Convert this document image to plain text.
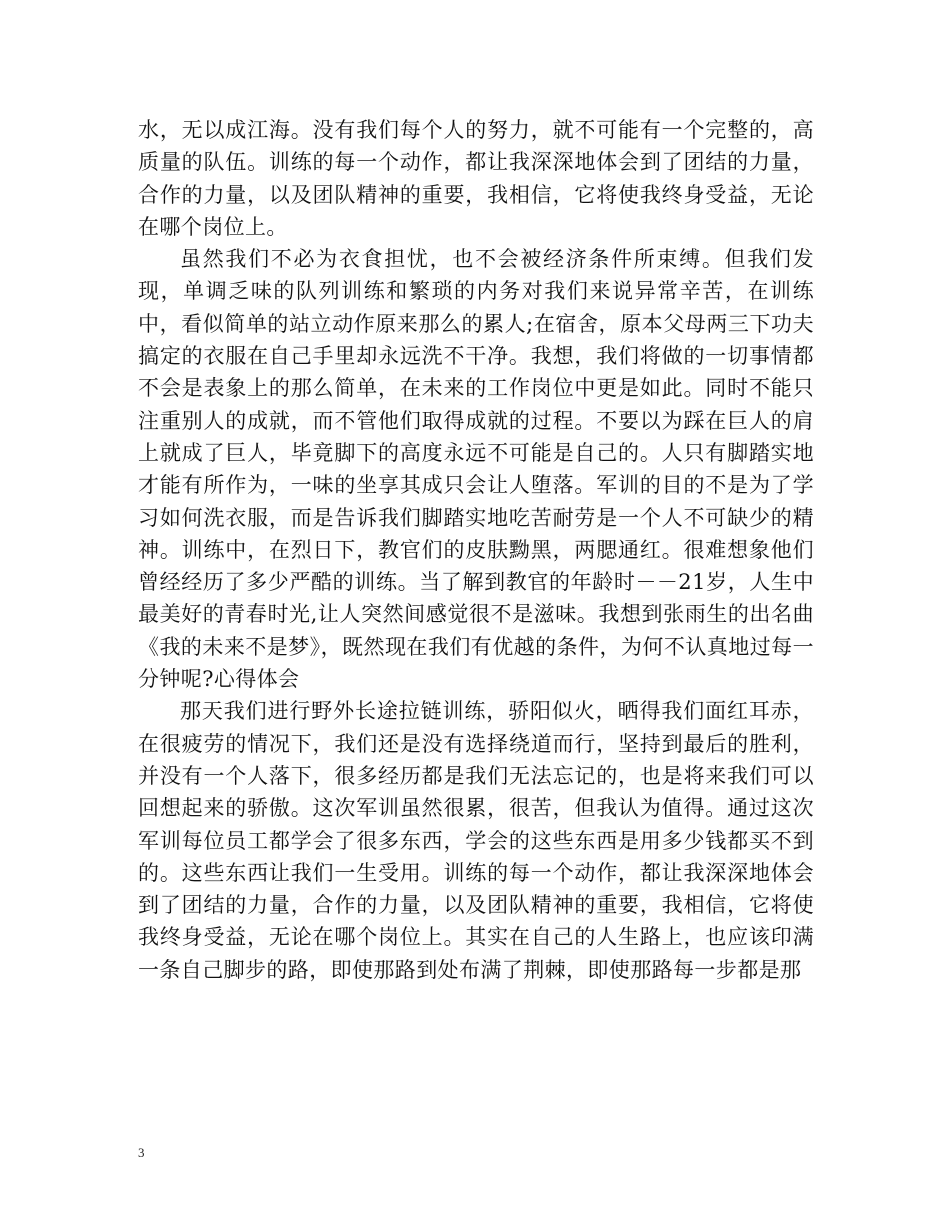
水，无以成江海。没有我们每个人的努力，就不可能有一个完整的，高质量的队伍。训练的每一个动作，都让我深深地体会到了团结的力量，合作的力量，以及团队精神的重要，我相信，它将使我终身受益，无论在哪个岗位上。

虽然我们不必为衣食担忧，也不会被经济条件所束缚。但我们发现，单调乏味的队列训练和繁琐的内务对我们来说异常辛苦，在训练中，看似简单的站立动作原来那么的累人;在宿舍，原本父母两三下功夫搞定的衣服在自己手里却永远洗不干净。我想，我们将做的一切事情都不会是表象上的那么简单，在未来的工作岗位中更是如此。同时不能只注重别人的成就，而不管他们取得成就的过程。不要以为踩在巨人的肩上就成了巨人，毕竟脚下的高度永远不可能是自己的。人只有脚踏实地才能有所作为，一味的坐享其成只会让人堕落。军训的目的不是为了学习如何洗衣服，而是告诉我们脚踏实地吃苦耐劳是一个人不可缺少的精神。训练中，在烈日下，教官们的皮肤黝黑，两腮通红。很难想象他们曾经经历了多少严酷的训练。当了解到教官的年龄时－－21岁，人生中最美好的青春时光,让人突然间感觉很不是滋味。我想到张雨生的出名曲《我的未来不是梦》，既然现在我们有优越的条件，为何不认真地过每一分钟呢?心得体会

那天我们进行野外长途拉链训练，骄阳似火，晒得我们面红耳赤，在很疲劳的情况下，我们还是没有选择绕道而行，坚持到最后的胜利，并没有一个人落下，很多经历都是我们无法忘记的，也是将来我们可以回想起来的骄傲。这次军训虽然很累，很苦，但我认为值得。通过这次军训每位员工都学会了很多东西，学会的这些东西是用多少钱都买不到的。这些东西让我们一生受用。训练的每一个动作，都让我深深地体会到了团结的力量，合作的力量，以及团队精神的重要，我相信，它将使我终身受益，无论在哪个岗位上。其实在自己的人生路上，也应该印满一条自己脚步的路，即使那路到处布满了荆棘，即使那路每一步都是那

3
